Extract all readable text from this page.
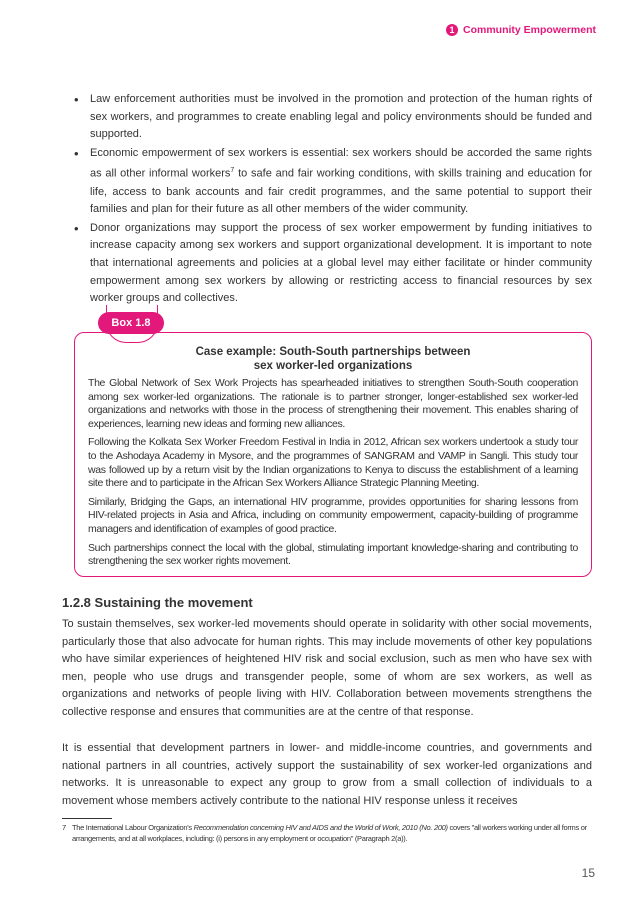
1 Community Empowerment
• Law enforcement authorities must be involved in the promotion and protection of the human rights of sex workers, and programmes to create enabling legal and policy environments should be funded and supported.
• Economic empowerment of sex workers is essential: sex workers should be accorded the same rights as all other informal workers$^7$ to safe and fair working conditions, with skills training and education for life, access to bank accounts and fair credit programmes, and the same potential to support their families and plan for their future as all other members of the wider community.
• Donor organizations may support the process of sex worker empowerment by funding initiatives to increase capacity among sex workers and support organizational development. It is important to note that international agreements and policies at a global level may either facilitate or hinder community empowerment among sex workers by allowing or restricting access to financial resources by sex worker groups and collectives.
Box 1.8
Case example: South-South partnerships between
sex worker-led organizations

The Global Network of Sex Work Projects has spearheaded initiatives to strengthen South-South cooperation among sex worker-led organizations. The rationale is to partner stronger, longer-established sex worker-led organizations and networks with those in the process of strengthening their movement. This enables sharing of experiences, learning new ideas and forming new alliances.

Following the Kolkata Sex Worker Freedom Festival in India in 2012, African sex workers undertook a study tour to the Ashodaya Academy in Mysore, and the programmes of SANGRAM and VAMP in Sangli. This study tour was followed up by a return visit by the Indian organizations to Kenya to discuss the establishment of a learning site there and to participate in the African Sex Workers Alliance Strategic Planning Meeting.

Similarly, Bridging the Gaps, an international HIV programme, provides opportunities for sharing lessons from HIV-related projects in Asia and Africa, including on community empowerment, capacity-building of programme managers and identification of examples of good practice.

Such partnerships connect the local with the global, stimulating important knowledge-sharing and contributing to strengthening the sex worker rights movement.

1.2.8 Sustaining the movement

To sustain themselves, sex worker-led movements should operate in solidarity with other social movements, particularly those that also advocate for human rights. This may include movements of other key populations who have similar experiences of heightened HIV risk and social exclusion, such as men who have sex with men, people who use drugs and transgender people, some of whom are sex workers, as well as organizations and networks of people living with HIV. Collaboration between movements strengthens the collective response and ensures that communities are at the centre of that response.

It is essential that development partners in lower- and middle-income countries, and governments and national partners in all countries, actively support the sustainability of sex worker-led organizations and networks. It is unreasonable to expect any group to grow from a small collection of individuals to a movement whose members actively contribute to the national HIV response unless it receives

7 The International Labour Organization's Recommendation concerning HIV and AIDS and the World of Work, 2010 (No. 200) covers "all workers working under all forms or
arrangements, and at all workplaces, including: (i) persons in any employment or occupation" (Paragraph 2(a)).

15
